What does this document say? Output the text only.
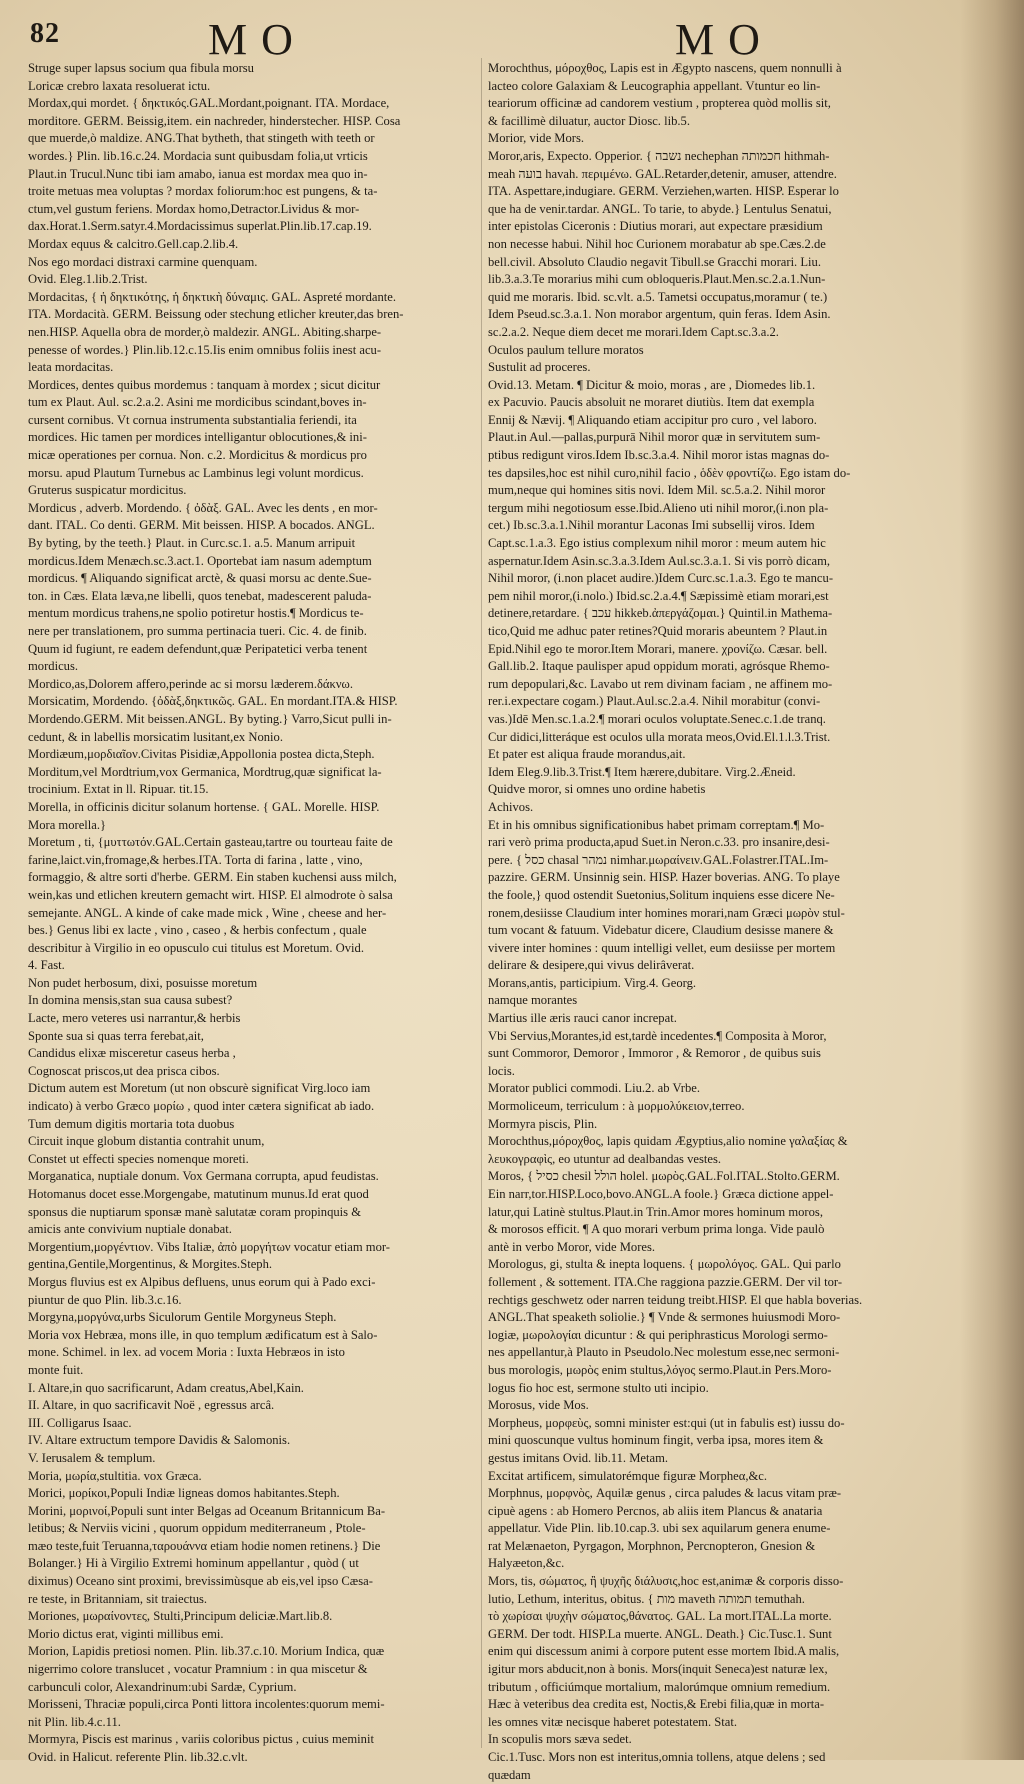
82	MO	MO
Struge super lapsus socium qua fibula morsu
Loricæ crebro laxata resoluerat ictu.
Mordax,qui mordet. { δηκτικός.GAL.Mordant,poignant. ITA. Mordace,
morditore. GERM. Beissig,item. ein nachreder, hinderstecher. HISP. Cosa
que muerde,ò maldize. ANG.That bytheth, that stingeth with teeth or
wordes.} Plin. lib.16.c.24. Mordacia sunt quibusdam folia,ut vrticis
Plaut.in Trucul.Nunc tibi iam amabo, ianua est mordax mea quo in-
troite metuas mea voluptas ? mordax foliorum:hoc est pungens, & ta-
ctum,vel gustum feriens. Mordax homo,Detractor.Lividus & mor-
dax.Horat.1.Serm.satyr.4.Mordacissimus superlat.Plin.lib.17.cap.19.
Mordax equus & calcitro.Gell.cap.2.lib.4.
Nos ego mordaci distraxi carmine quenquam.
Ovid. Eleg.1.lib.2.Trist.
Mordacitas, { ἡ δηκτικότης, ἡ δηκτικὴ δύναμις. GAL. Aspreté mordante.
ITA. Mordacità. GERM. Beissung oder stechung etlicher kreuter,das bren-
nen.HISP. Aquella obra de morder,ò maldezir. ANGL. Abiting.sharpe-
penesse of wordes.} Plin.lib.12.c.15.Iis enim omnibus foliis inest acu-
leata mordacitas.
Mordices, dentes quibus mordemus : tanquam à mordex ; sicut dicitur
tum ex Plaut. Aul. sc.2.a.2. Asini me mordicibus scindant,boves in-
cursent cornibus. Vt cornua instrumenta substantialia feriendi, ita
mordices. Hic tamen per mordices intelligantur oblocutiones,& ini-
micæ operationes per cornua. Non. c.2. Mordicitus & mordicus pro
morsu. apud Plautum Turnebus ac Lambinus legi volunt mordicus.
Gruterus suspicatur mordicitus.
Mordicus , adverb. Mordendo. { ὀδὰξ. GAL. Avec les dents , en mor-
dant. ITAL. Co denti. GERM. Mit beissen. HISP. A bocados. ANGL.
By byting, by the teeth.} Plaut. in Curc.sc.1. a.5. Manum arripuit
mordicus.Idem Menæch.sc.3.act.1. Oportebat iam nasum ademptum
mordicus. ¶ Aliquando significat arctè, & quasi morsu ac dente.Sue-
ton. in Cæs. Elata læva,ne libelli, quos tenebat, madescerent paluda-
mentum mordicus trahens,ne spolio potiretur hostis.¶ Mordicus te-
nere per translationem, pro summa pertinacia tueri. Cic. 4. de finib.
Quum id fugiunt, re eadem defendunt,quæ Peripatetici verba tenent
mordicus.
Mordico,as,Dolorem affero,perinde ac si morsu læderem.δάκνω.
Morsicatim, Mordendo. {ὀδὰξ,δηκτικῶς. GAL. En mordant.ITA.& HISP.
Mordendo.GERM. Mit beissen.ANGL. By byting.} Varro,Sicut pulli in-
cedunt, & in labellis morsicatim lusitant,ex Nonio.
Mordiæum,μορδιαῖον.Civitas Pisidiæ,Appollonia postea dicta,Steph.
Morditum,vel Mordtrium,vox Germanica, Mordtrug,quæ significat la-
trocinium. Extat in ll. Ripuar. tit.15.
Morella, in officinis dicitur solanum hortense. { GAL. Morelle. HISP.
Mora morella.}
Moretum , ti, {μυττωτόν.GAL.Certain gasteau,tartre ou tourteau faite de
farine,laict.vin,fromage,& herbes.ITA. Torta di farina , latte , vino,
formaggio, & altre sorti d'herbe. GERM. Ein staben kuchensi auss milch,
wein,kas und etlichen kreutern gemacht wirt. HISP. El almodrote ò salsa
semejante. ANGL. A kinde of cake made mick , Wine , cheese and her-
bes.} Genus libi ex lacte , vino , caseo , & herbis confectum , quale
describitur à Virgilio in eo opusculo cui titulus est Moretum. Ovid.
4. Fast.
Non pudet herbosum, dixi, posuisse moretum
In domina mensis,stan sua causa subest?
Lacte, mero veteres usi narrantur,& herbis
Sponte sua si quas terra ferebat,ait,
Candidus elixæ misceretur caseus herba ,
Cognoscat priscos,ut dea prisca cibos.
Dictum autem est Moretum (ut non obscurè significat Virg.loco iam
indicato) à verbo Græco μορίω , quod inter cætera significat ab iado.
Tum demum digitis mortaria tota duobus
Circuit inque globum distantia contrahit unum,
Constet ut effecti species nomenque moreti.
Morganatica, nuptiale donum. Vox Germana corrupta, apud feudistas.
Hotomanus docet esse.Morgengabe, matutinum munus.Id erat quod
sponsus die nuptiarum sponsæ manè salutatæ coram propinquis &
amicis ante convivium nuptiale donabat.
Morgentium,μοργέντιον. Vibs Italiæ, ἀπὸ μοργήτων vocatur etiam mor-
gentina,Gentile,Morgentinus, & Morgites.Steph.
Morgus fluvius est ex Alpibus defluens, unus eorum qui à Pado exci-
piuntur de quo Plin. lib.3.c.16.
Morgyna,μοργύνα,urbs Siculorum Gentile Morgyneus Steph.
Moria vox Hebræa, mons ille, in quo templum ædificatum est à Salo-
mone. Schimel. in lex. ad vocem Moria : Iuxta Hebræos in isto
monte fuit.
I. Altare,in quo sacrificarunt, Adam creatus,Abel,Kain.
II. Altare, in quo sacrificavit Noë , egressus arcâ.
III. Colligarus Isaac.
IV. Altare extructum tempore Davidis & Salomonis.
V. Ierusalem & templum.
Moria, μωρία,stultitia. vox Græca.
Morici, μορίκοι,Populi Indiæ ligneas domos habitantes.Steph.
Morini, μορινοί,Populi sunt inter Belgas ad Oceanum Britannicum Ba-
letibus; & Nerviis vicini , quorum oppidum mediterraneum , Ptole-
mæo teste,fuit Teruanna,ταρουάννα etiam hodie nomen retinens.} Die
Bolanger.} Hi à Virgilio Extremi hominum appellantur , quòd ( ut
diximus) Oceano sint proximi, brevissimùsque ab eis,vel ipso Cæsa-
re teste, in Britanniam, sit traiectus.
Moriones, μωραίνοντες, Stulti,Principum deliciæ.Mart.lib.8.
Morio dictus erat, viginti millibus emi.
Morion, Lapidis pretiosi nomen. Plin. lib.37.c.10. Morium Indica, quæ
nigerrimo colore translucet , vocatur Pramnium : in qua miscetur &
carbunculi color, Alexandrinum:ubi Sardæ, Cyprium.
Morisseni, Thraciæ populi,circa Ponti littora incolentes:quorum memi-
nit Plin. lib.4.c.11.
Mormyra, Piscis est marinus , variis coloribus pictus , cuius meminit
Ovid. in Halicut. referente Plin. lib.32.c.vlt.
Morochthus, μόροχθος, Lapis est in Ægypto nascens, quem nonnulli à
lacteo colore Galaxiam & Leucographia appellant. Vtuntur eo lin-
teariorum officinæ ad candorem vestium , propterea quòd mollis sit,
& facillimè diluatur, auctor Diosc. lib.5.
Morior, vide Mors.
Moror,aris, Expecto. Opperior. { נשבה nechephan חכמותה hithmah-
meah בועה havah. περιμένω. GAL.Retarder,detenir, amuser, attendre.
ITA. Aspettare,indugiare. GERM. Verziehen,warten. HISP. Esperar lo
que ha de venir.tardar. ANGL. To tarie, to abyde.} Lentulus Senatui,
inter epistolas Ciceronis : Diutius morari, aut expectare præsidium
non necesse habui. Nihil hoc Curionem morabatur ab spe.Cæs.2.de
bell.civil. Absoluto Claudio negavit Tibull.se Gracchi morari. Liu.
lib.3.a.3.Te morarius mihi cum obloqueris.Plaut.Men.sc.2.a.1.Nun-
quid me moraris. Ibid. sc.vlt. a.5. Tametsi occupatus,moramur ( te.)
Idem Pseud.sc.3.a.1. Non morabor argentum, quin feras. Idem Asin.
sc.2.a.2. Neque diem decet me morari.Idem Capt.sc.3.a.2.
Oculos paulum tellure moratos
Sustulit ad proceres.
Ovid.13. Metam. ¶ Dicitur & moio, moras , are , Diomedes lib.1.
ex Pacuvio. Paucis absoluit ne moraret diutiùs. Item dat exempla
Ennij & Nævij. ¶ Aliquando etiam accipitur pro curo , vel laboro.
Plaut.in Aul.—pallas,purpurā Nihil moror quæ in servitutem sum-
ptibus redigunt viros.Idem Ib.sc.3.a.4. Nihil moror istas magnas do-
tes dapsiles,hoc est nihil curo,nihil facio , ὁδὲν φροντίζω. Ego istam do-
mum,neque qui homines sitis novi. Idem Mil. sc.5.a.2. Nihil moror
tergum mihi negotiosum esse.Ibid.Alieno uti nihil moror,(i.non pla-
cet.) Ib.sc.3.a.1.Nihil morantur Laconas Imi subsellij viros. Idem
Capt.sc.1.a.3. Ego istius complexum nihil moror : meum autem hic
aspernatur.Idem Asin.sc.3.a.3.Idem Aul.sc.3.a.1. Si vis porrò dicam,
Nihil moror, (i.non placet audire.)Idem Curc.sc.1.a.3. Ego te mancu-
pem nihil moror,(i.nolo.) Ibid.sc.2.a.4.¶ Sæpissimè etiam morari,est
detinere,retardare. { עכב hikkeb.ἀπεργάζομαι.} Quintil.in Mathema-
tico,Quid me adhuc pater retines?Quid moraris abeuntem ? Plaut.in
Epid.Nihil ego te moror.Item Morari, manere. χρονίζω. Cæsar. bell.
Gall.lib.2. Itaque paulisper apud oppidum morati, agrósque Rhemo-
rum depopulari,&c. Lavabo ut rem divinam faciam , ne affinem mo-
rer.i.expectare cogam.) Plaut.Aul.sc.2.a.4. Nihil morabitur (convi-
vas.)Idē Men.sc.1.a.2.¶ morari oculos voluptate.Senec.c.1.de tranq.
Cur didici,litteráque est oculos ulla morata meos,Ovid.El.1.l.3.Trist.
Et pater est aliqua fraude morandus,ait.
Idem Eleg.9.lib.3.Trist.¶ Item hærere,dubitare. Virg.2.Æneid.
Quidve moror, si omnes uno ordine habetis
Achivos.
Et in his omnibus significationibus habet primam correptam.¶ Mo-
rari verò prima producta,apud Suet.in Neron.c.33. pro insanire,desi-
pere. { כסל chasal נמהר nimhar.μωραίνειν.GAL.Folastrer.ITAL.Im-
pazzire. GERM. Unsinnig sein. HISP. Hazer boverias. ANG. To playe
the foole,} quod ostendit Suetonius,Solitum inquiens esse dicere Ne-
ronem,desiisse Claudium inter homines morari,nam Græci μωρὸν stul-
tum vocant & fatuum. Videbatur dicere, Claudium desisse manere &
vivere inter homines : quum intelligi vellet, eum desiisse per mortem
delirare & desipere,qui vivus delirâverat.
Morans,antis, participium. Virg.4. Georg.
namque morantes
Martius ille æris rauci canor increpat.
Vbi Servius,Morantes,id est,tardè incedentes.¶ Composita à Moror,
sunt Commoror, Demoror , Immoror , & Remoror , de quibus suis
locis.
Morator publici commodi. Liu.2. ab Vrbe.
Mormoliceum, terriculum : à μορμολύκειον,terreo.
Mormyra piscis, Plin.
Morochthus,μόροχθος, lapis quidam Ægyptius,alio nomine γαλαξίας &
λευκογραφὶς, eo utuntur ad dealbandas vestes.
Moros, { כסיל chesil הולל holel. μωρὸς.GAL.Fol.ITAL.Stolto.GERM.
Ein narr,tor.HISP.Loco,bovo.ANGL.A foole.} Græca dictione appel-
latur,qui Latinè stultus.Plaut.in Trin.Amor mores hominum moros,
& morosos efficit. ¶ A quo morari verbum prima longa. Vide paulò
antè in verbo Moror, vide Mores.
Morologus, gi, stulta & inepta loquens. { μωρολόγος. GAL. Qui parlo
follement , & sottement. ITA.Che raggiona pazzie.GERM. Der vil tor-
rechtigs geschwetz oder narren teidung treibt.HISP. El que habla boverias.
ANGL.That speaketh soliolie.} ¶ Vnde & sermones huiusmodi Moro-
logiæ, μωρολογίαι dicuntur : & qui periphrasticus Morologi sermo-
nes appellantur,à Plauto in Pseudolo.Nec molestum esse,nec sermoni-
bus morologis, μωρὸς enim stultus,λόγος sermo.Plaut.in Pers.Moro-
logus fio hoc est, sermone stulto uti incipio.
Morosus, vide Mos.
Morpheus, μορφεὺς, somni minister est:qui (ut in fabulis est) iussu do-
mini quoscunque vultus hominum fingit, verba ipsa, mores item &
gestus imitans Ovid. lib.11. Metam.
Excitat artificem, simulatorémque figuræ Morpheα,&c.
Morphnus, μορφνὸς, Aquilæ genus , circa paludes & lacus vitam præ-
cipuè agens : ab Homero Percnos, ab aliis item Plancus & anataria
appellatur. Vide Plin. lib.10.cap.3. ubi sex aquilarum genera enume-
rat Melænaeton, Pyrgagon, Morphnon, Percnopteron, Gnesion &
Halyæeton,&c.
Mors, tis, σώματος, ἢ ψυχῆς διάλυσις,hoc est,animæ & corporis disso-
lutio, Lethum, interitus, obitus. { מות maveth תמותה temuthah.
τὸ χωρίσαι ψυχὴν σώματος,θάνατος. GAL. La mort.ITAL.La morte.
GERM. Der todt. HISP.La muerte. ANGL. Death.} Cic.Tusc.1. Sunt
enim qui discessum animi à corpore putent esse mortem Ibid.A malis,
igitur mors abducit,non à bonis. Mors(inquit Seneca)est naturæ lex,
tributum , officiúmque mortalium, malorúmque omnium remedium.
Hæc à veteribus dea credita est, Noctis,& Erebi filia,quæ in morta-
les omnes vitæ necisque haberet potestatem. Stat.
In scopulis mors sæva sedet.
Cic.1.Tusc. Mors non est interitus,omnia tollens, atque delens ; sed
quædam
